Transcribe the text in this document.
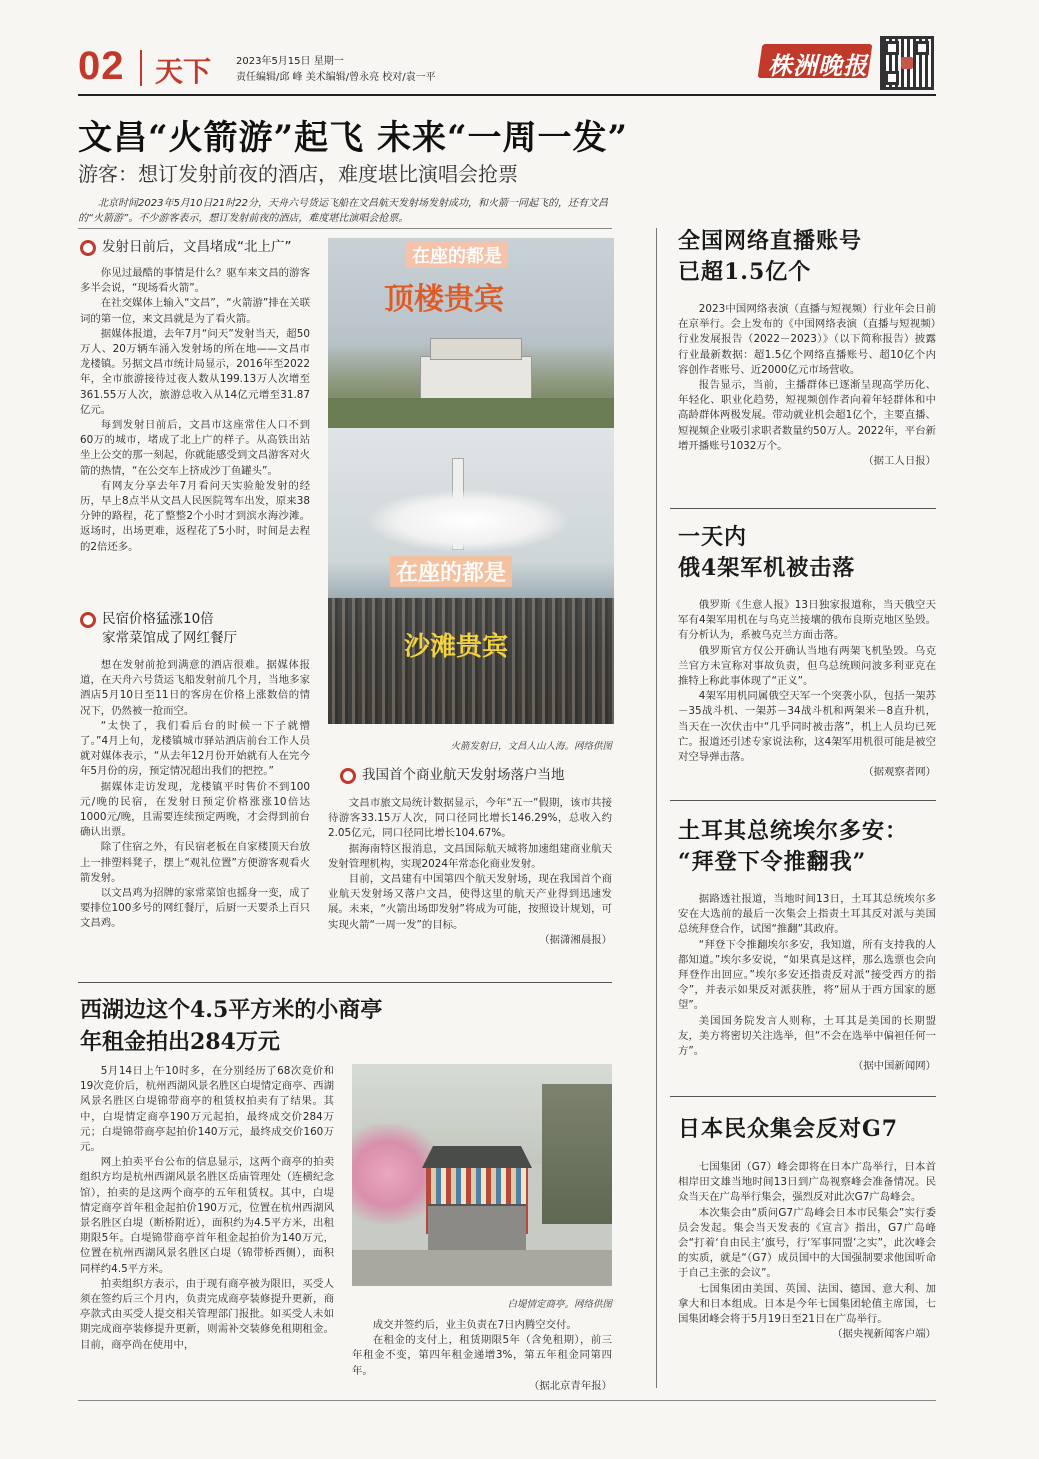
02 天下 2023年5月15日 星期一
责任编辑/邱 峰 美术编辑/曾永亮 校对/袁一平	株洲晚报
文昌“火箭游”起飞 未来“一周一发”
游客：想订发射前夜的酒店，难度堪比演唱会抢票
北京时间2023年5月10日21时22分，天舟六号货运飞船在文昌航天发射场发射成功，和火箭一同起飞的，还有文昌的“火箭游”。不少游客表示，想订发射前夜的酒店，难度堪比演唱会抢票。
发射日前后，文昌堵成“北上广”

你见过最酷的事情是什么？驱车来文昌的游客多半会说，“现场看火箭”。

在社交媒体上输入“文昌”，“火箭游”排在关联词的第一位，来文昌就是为了看火箭。

据媒体报道，去年7月“问天”发射当天，超50万人、20万辆车涌入发射场的所在地——文昌市龙楼镇。另据文昌市统计局显示，2016年至2022年，全市旅游接待过夜人数从199.13万人次增至361.55万人次，旅游总收入从14亿元增至31.87亿元。

每到发射日前后，文昌市这座常住人口不到60万的城市，堵成了北上广的样子。从高铁出站坐上公交的那一刻起，你就能感受到文昌游客对火箭的热情，“在公交车上挤成沙丁鱼罐头”。

有网友分享去年7月看问天实验舱发射的经历，早上8点半从文昌人民医院驾车出发，原来38分钟的路程，花了整整2个小时才到滨水海沙滩。返场时，出场更难，返程花了5小时，时间是去程的2倍还多。

民宿价格猛涨10倍
家常菜馆成了网红餐厅

想在发射前抢到满意的酒店很难。据媒体报道，在天舟六号货运飞船发射前几个月，当地多家酒店5月10日至11日的客房在价格上涨数倍的情况下，仍然被一抢而空。

“太快了，我们看后台的时候一下子就懵了。”4月上旬，龙楼镇城市驿站酒店前台工作人员就对媒体表示，“从去年12月份开始就有人在完今年5月份的房，预定情况超出我们的把控。”

据媒体走访发现，龙楼镇平时售价不到100元/晚的民宿，在发射日预定价格涨涨10倍达1000元/晚，且需要连续预定两晚，才会得到前台确认出票。

除了住宿之外，有民宿老板在自家楼顶天台放上一排塑料凳子，摆上“观礼位置”方便游客观看火箭发射。

以文昌鸡为招牌的家常菜馆也摇身一变，成了要排位100多号的网红餐厅，后厨一天要杀上百只文昌鸡。

在座的都是
顶楼贵宾
在座的都是
沙滩贵宾
火箭发射日，文昌人山人海。网络供图
我国首个商业航天发射场落户当地

文昌市旅文局统计数据显示，今年“五一”假期，该市共接待游客33.15万人次，同口径同比增长146.29%，总收入约2.05亿元，同口径同比增长104.67%。

据海南特区报消息，文昌国际航天城将加速组建商业航天发射管理机构，实现2024年常态化商业发射。

目前，文昌建有中国第四个航天发射场，现在我国首个商业航天发射场又落户文昌，使得这里的航天产业得到迅速发展。未来，“火箭出场即发射”将成为可能，按照设计规划，可实现火箭“一周一发”的目标。

（据潇湘晨报）
西湖边这个4.5平方米的小商亭
年租金拍出284万元

5月14日上午10时多，在分别经历了68次竞价和19次竞价后，杭州西湖风景名胜区白堤情定商亭、西湖风景名胜区白堤锦带商亭的租赁权拍卖有了结果。其中，白堤情定商亭190万元起拍，最终成交价284万元；白堤锦带商亭起拍价140万元，最终成交价160万元。

网上拍卖平台公布的信息显示，这两个商亭的拍卖组织方均是杭州西湖风景名胜区岳庙管理处（连横纪念馆），拍卖的是这两个商亭的五年租赁权。其中，白堤情定商亭首年租金起拍价190万元，位置在杭州西湖风景名胜区白堤（断桥附近），面积约为4.5平方米，出租期限5年。白堤锦带商亭首年租金起拍价为140万元，位置在杭州西湖风景名胜区白堤（锦带桥西侧），面积同样约4.5平方米。

拍卖组织方表示，由于现有商亭被为限旧，买受人须在签约后三个月内，负责完成商亭装修提升更新，商亭款式由买受人提交相关管理部门报批。如买受人未如期完成商亭装修提升更新，则需补交装修免租期租金。目前，商亭尚在使用中，

白堤情定商亭。网络供图

成交并签约后，业主负责在7日内腾空交付。

在租金的支付上，租赁期限5年（含免租期），前三年租金不变，第四年租金递增3%，第五年租金同第四年。

（据北京青年报）
全国网络直播账号
已超1.5亿个

2023中国网络表演（直播与短视频）行业年会日前在京举行。会上发布的《中国网络表演（直播与短视频）行业发展报告（2022－2023）》（以下简称报告）披露行业最新数据：超1.5亿个网络直播账号、超10亿个内容创作者账号、近2000亿元市场营收。

报告显示，当前，主播群体已逐渐呈现高学历化、年轻化、职业化趋势，短视频创作者向着年轻群体和中高龄群体两极发展。带动就业机会超1亿个，主要直播、短视频企业吸引求职者数量约50万人。2022年，平台新增开播账号1032万个。

（据工人日报）
一天内
俄4架军机被击落

俄罗斯《生意人报》13日独家报道称，当天俄空天军有4架军用机在与乌克兰接壤的俄布良斯克地区坠毁。有分析认为，系被乌克兰方面击落。

俄罗斯官方仅公开确认当地有两架飞机坠毁。乌克兰官方未宣称对事故负责，但乌总统顾问波多利亚克在推特上称此事体现了“正义”。

4架军用机同属俄空天军一个突袭小队，包括一架苏－35战斗机、一架苏－34战斗机和两架米－8直升机，当天在一次伏击中“几乎同时被击落”，机上人员均已死亡。报道还引述专家说法称，这4架军用机很可能是被空对空导弹击落。

（据观察者网）
土耳其总统埃尔多安：
“拜登下令推翻我”

据路透社报道，当地时间13日，土耳其总统埃尔多安在大选前的最后一次集会上指责土耳其反对派与美国总统拜登合作，试图“推翻”其政府。

“拜登下令推翻埃尔多安，我知道，所有支持我的人都知道。”埃尔多安说，“如果真是这样，那么选票也会向拜登作出回应。”埃尔多安还指责反对派“接受西方的指令”，并表示如果反对派获胜，将“屈从于西方国家的愿望”。

美国国务院发言人则称，土耳其是美国的长期盟友，美方将密切关注选举，但“不会在选举中偏袒任何一方”。

（据中国新闻网）
日本民众集会反对G7

七国集团（G7）峰会即将在日本广岛举行，日本首相岸田文雄当地时间13日到广岛视察峰会准备情况。民众当天在广岛举行集会，强烈反对此次G7广岛峰会。

本次集会由“质问G7广岛峰会日本市民集会”实行委员会发起。集会当天发表的《宣言》指出，G7广岛峰会“打着‘自由民主’旗号，行‘军事同盟’之实”，此次峰会的实质，就是“（G7）成员国中的大国强制要求他国听命于自己主张的会议”。

七国集团由美国、英国、法国、德国、意大利、加拿大和日本组成。日本是今年七国集团轮值主席国，七国集团峰会将于5月19日至21日在广岛举行。

（据央视新闻客户端）
